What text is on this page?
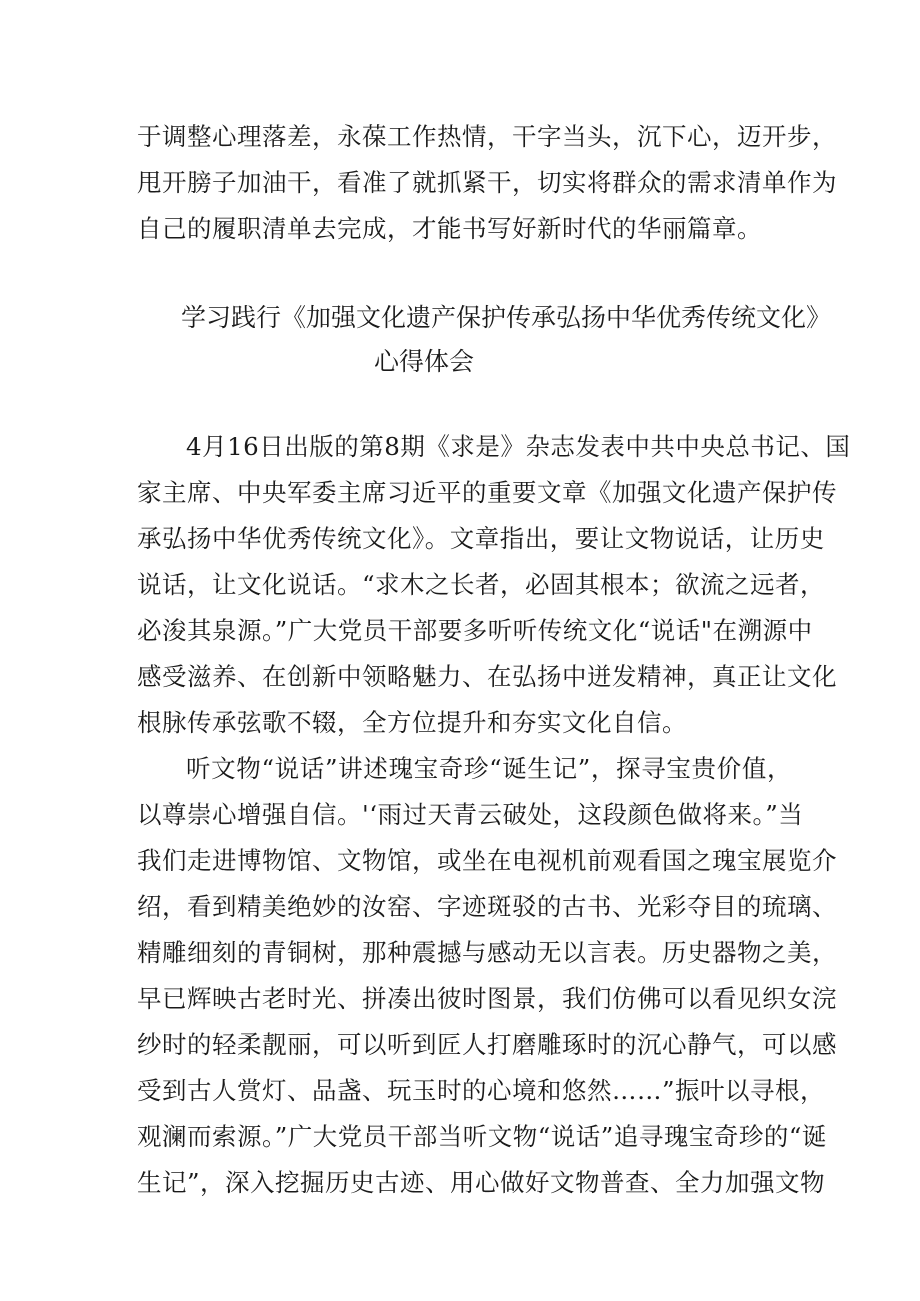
于调整心理落差，永葆工作热情，干字当头，沉下心，迈开步，
甩开膀子加油干，看准了就抓紧干，切实将群众的需求清单作为
自己的履职清单去完成，才能书写好新时代的华丽篇章。
学习践行《加强文化遗产保护传承弘扬中华优秀传统文化》
心得体会
4月16日出版的第8期《求是》杂志发表中共中央总书记、国
家主席、中央军委主席习近平的重要文章《加强文化遗产保护传
承弘扬中华优秀传统文化》。文章指出，要让文物说话，让历史
说话，让文化说话。“求木之长者，必固其根本；欲流之远者，
必浚其泉源。”广大党员干部要多听听传统文化“说话"在溯源中
感受滋养、在创新中领略魅力、在弘扬中迸发精神，真正让文化
根脉传承弦歌不辍，全方位提升和夯实文化自信。
听文物“说话”讲述瑰宝奇珍“诞生记”，探寻宝贵价值，
以尊崇心增强自信。'‘雨过天青云破处，这段颜色做将来。”当
我们走进博物馆、文物馆，或坐在电视机前观看国之瑰宝展览介
绍，看到精美绝妙的汝窑、字迹斑驳的古书、光彩夺目的琉璃、
精雕细刻的青铜树，那种震撼与感动无以言表。历史器物之美，
早已辉映古老时光、拼凑出彼时图景，我们仿佛可以看见织女浣
纱时的轻柔靓丽，可以听到匠人打磨雕琢时的沉心静气，可以感
受到古人赏灯、品盏、玩玉时的心境和悠然……”振叶以寻根，
观澜而索源。”广大党员干部当听文物“说话”追寻瑰宝奇珍的“诞
生记”，深入挖掘历史古迹、用心做好文物普查、全力加强文物
